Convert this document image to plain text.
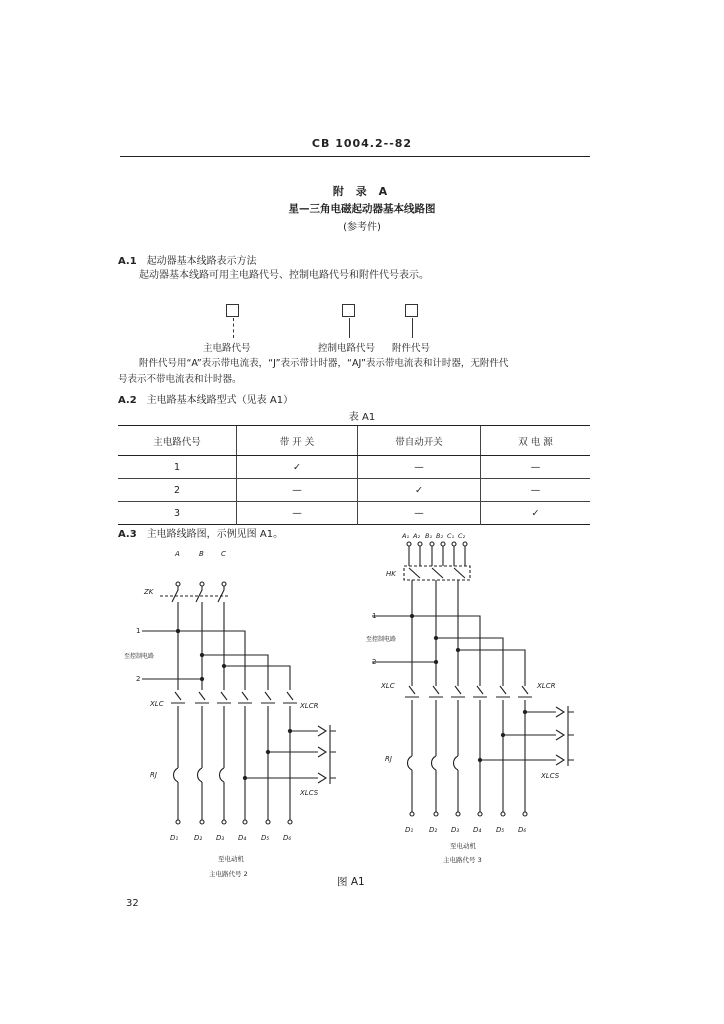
CB 1004.2--82
附 录 A
星—三角电磁起动器基本线路图
(参考件)
A.1 起动器基本线路表示方法
起动器基本线路可用主电路代号、控制电路代号和附件代号表示。
主电路代号	控制电路代号 附件代号
附件代号用“A”表示带电流表，“J”表示带计时器，“AJ”表示带电流表和计时器，无附件代
号表示不带电流表和计时器。
A.2 主电路基本线路型式（见表 A1）
表 A1
主电路代号	带 开 关	带自动开关	双 电 源
1	✓	—	—
2	—	✓	—
3	—	—	✓
A.3 主电路线路图，示例见图 A1。
A	B C
ZK
1
2
至控制电路
XLC	XLCR
XLCS
RJ
D₁ D₂ D₃ D₄ D₅ D₆
至电动机
主电路代号 2
A₁ A₂ B₁ B₂ C₁ C₂
HK
1
2
至控制电路
XLC	XLCR
XLCS
RJ
D₁ D₂ D₃ D₄ D₅ D₆
至电动机
主电路代号 3
图 A1
32
